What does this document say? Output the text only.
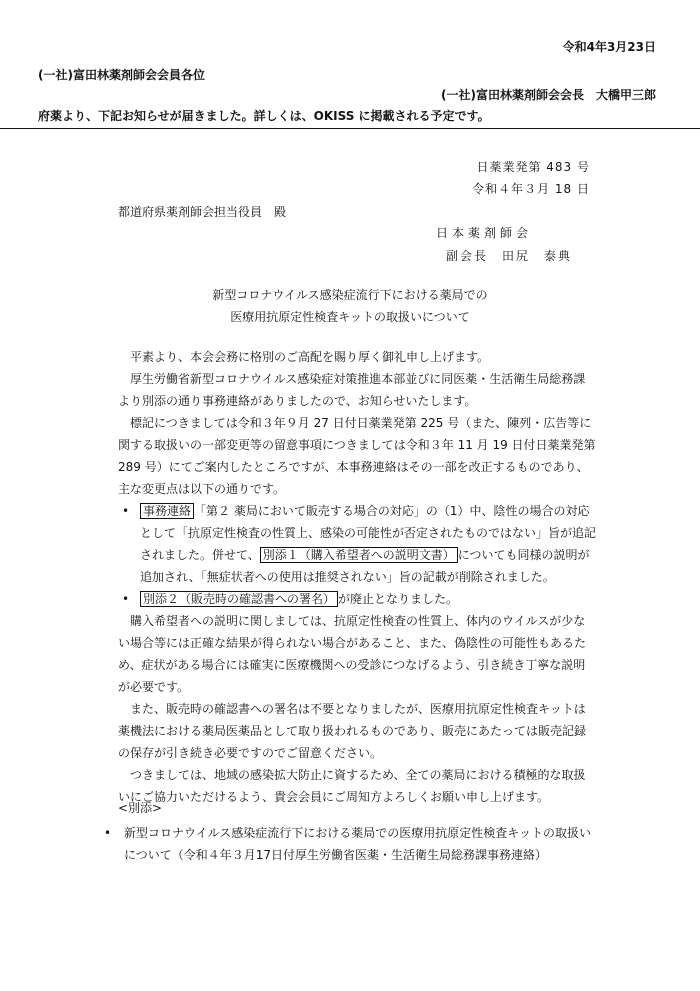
令和4年3月23日
(一社)富田林薬剤師会会員各位
(一社)富田林薬剤師会会長　大橋甲三郎
府薬より、下記お知らせが届きました。詳しくは、OKISS に掲載される予定です。
日薬業発第 483 号
令和４年３月 18 日
都道府県薬剤師会担当役員　殿
日本薬剤師会
副会長　田尻　泰典
新型コロナウイルス感染症流行下における薬局での
医療用抗原定性検査キットの取扱いについて

平素より、本会会務に格別のご高配を賜り厚く御礼申し上げます。

厚生労働省新型コロナウイルス感染症対策推進本部並びに同医薬・生活衛生局総務課より別添の通り事務連絡がありましたので、お知らせいたします。

標記につきましては令和３年９月 27 日付日薬業発第 225 号（また、陳列・広告等に関する取扱いの一部変更等の留意事項につきましては令和３年 11 月 19 日付日薬業発第 289 号）にてご案内したところですが、本事務連絡はその一部を改正するものであり、主な変更点は以下の通りです。

• 事務連絡 「第２ 薬局において販売する場合の対応」の（1）中、陰性の場合の対応として「抗原定性検査の性質上、感染の可能性が否定されたものではない」旨が追記されました。併せて、 別添１（購入希望者への説明文書） についても同様の説明が追加され、「無症状者への使用は推奨されない」旨の記載が削除されました。
• 別添２（販売時の確認書への署名） が廃止となりました。

購入希望者への説明に関しましては、抗原定性検査の性質上、体内のウイルスが少ない場合等には正確な結果が得られない場合があること、また、偽陰性の可能性もあるため、症状がある場合には確実に医療機関への受診につなげるよう、引き続き丁寧な説明が必要です。

また、販売時の確認書への署名は不要となりましたが、医療用抗原定性検査キットは薬機法における薬局医薬品として取り扱われるものであり、販売にあたっては販売記録の保存が引き続き必要ですのでご留意ください。

つきましては、地域の感染拡大防止に資するため、全ての薬局における積極的な取扱いにご協力いただけるよう、貴会会員にご周知方よろしくお願い申し上げます。

<別添>
•	新型コロナウイルス感染症流行下における薬局での医療用抗原定性検査キットの取扱いについて（令和４年３月17日付厚生労働省医薬・生活衛生局総務課事務連絡）
